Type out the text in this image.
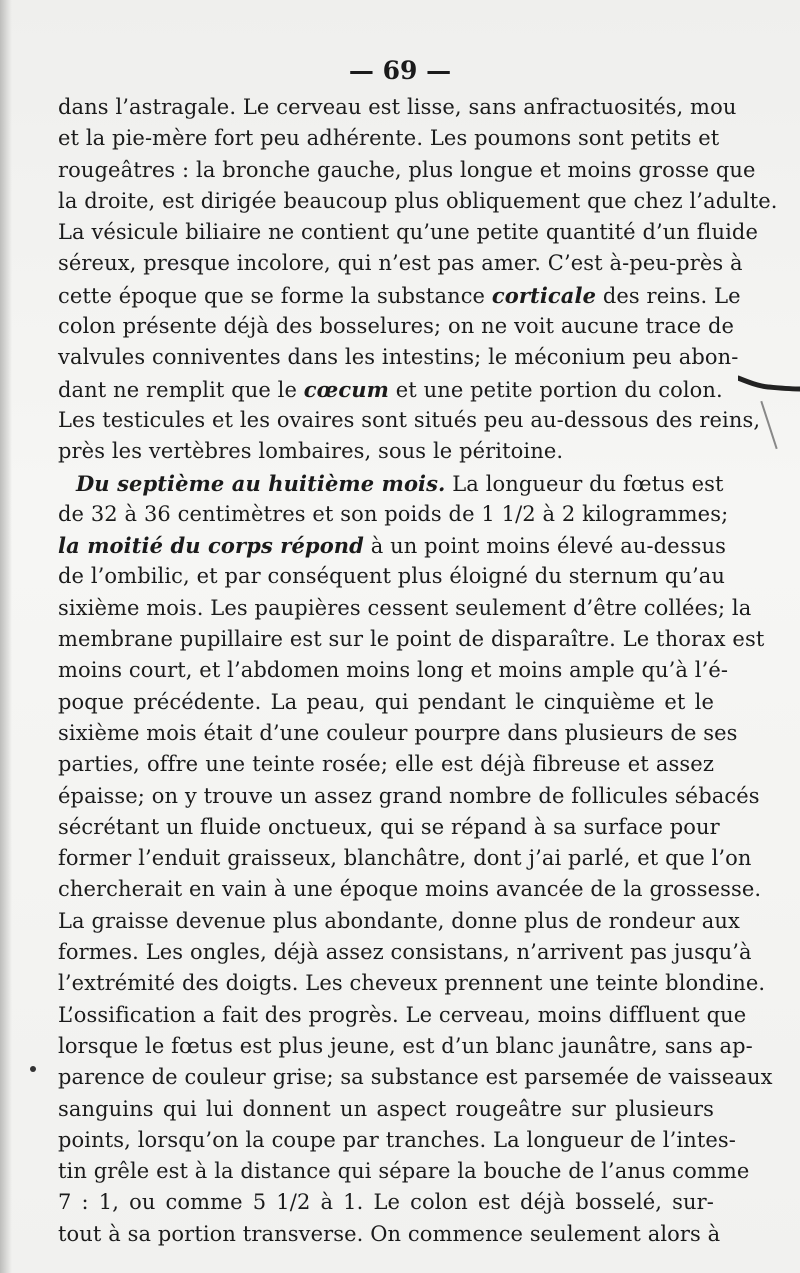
— 69 —
dans l’astragale. Le cerveau est lisse, sans anfractuosités, mou
et la pie-mère fort peu adhérente. Les poumons sont petits et
rougeâtres : la bronche gauche, plus longue et moins grosse que
la droite, est dirigée beaucoup plus obliquement que chez l’adulte.
La vésicule biliaire ne contient qu’une petite quantité d’un fluide
séreux, presque incolore, qui n’est pas amer. C’est à-peu-près à
cette époque que se forme la substance corticale des reins. Le
colon présente déjà des bosselures; on ne voit aucune trace de
valvules conniventes dans les intestins; le méconium peu abon-
dant ne remplit que le cœcum et une petite portion du colon.
Les testicules et les ovaires sont situés peu au-dessous des reins,
près les vertèbres lombaires, sous le péritoine.
Du septième au huitième mois. La longueur du fœtus est
de 32 à 36 centimètres et son poids de 1 1/2 à 2 kilogrammes;
la moitié du corps répond à un point moins élevé au-dessus
de l’ombilic, et par conséquent plus éloigné du sternum qu’au
sixième mois. Les paupières cessent seulement d’être collées; la
membrane pupillaire est sur le point de disparaître. Le thorax est
moins court, et l’abdomen moins long et moins ample qu’à l’é-
poque précédente. La peau, qui pendant le cinquième et le
sixième mois était d’une couleur pourpre dans plusieurs de ses
parties, offre une teinte rosée; elle est déjà fibreuse et assez
épaisse; on y trouve un assez grand nombre de follicules sébacés
sécrétant un fluide onctueux, qui se répand à sa surface pour
former l’enduit graisseux, blanchâtre, dont j’ai parlé, et que l’on
chercherait en vain à une époque moins avancée de la grossesse.
La graisse devenue plus abondante, donne plus de rondeur aux
formes. Les ongles, déjà assez consistans, n’arrivent pas jusqu’à
l’extrémité des doigts. Les cheveux prennent une teinte blondine.
L’ossification a fait des progrès. Le cerveau, moins diffluent que
lorsque le fœtus est plus jeune, est d’un blanc jaunâtre, sans ap-
parence de couleur grise; sa substance est parsemée de vaisseaux
sanguins qui lui donnent un aspect rougeâtre sur plusieurs
points, lorsqu’on la coupe par tranches. La longueur de l’intes-
tin grêle est à la distance qui sépare la bouche de l’anus comme
7 : 1, ou comme 5 1/2 à 1. Le colon est déjà bosselé, sur-
tout à sa portion transverse. On commence seulement alors à
